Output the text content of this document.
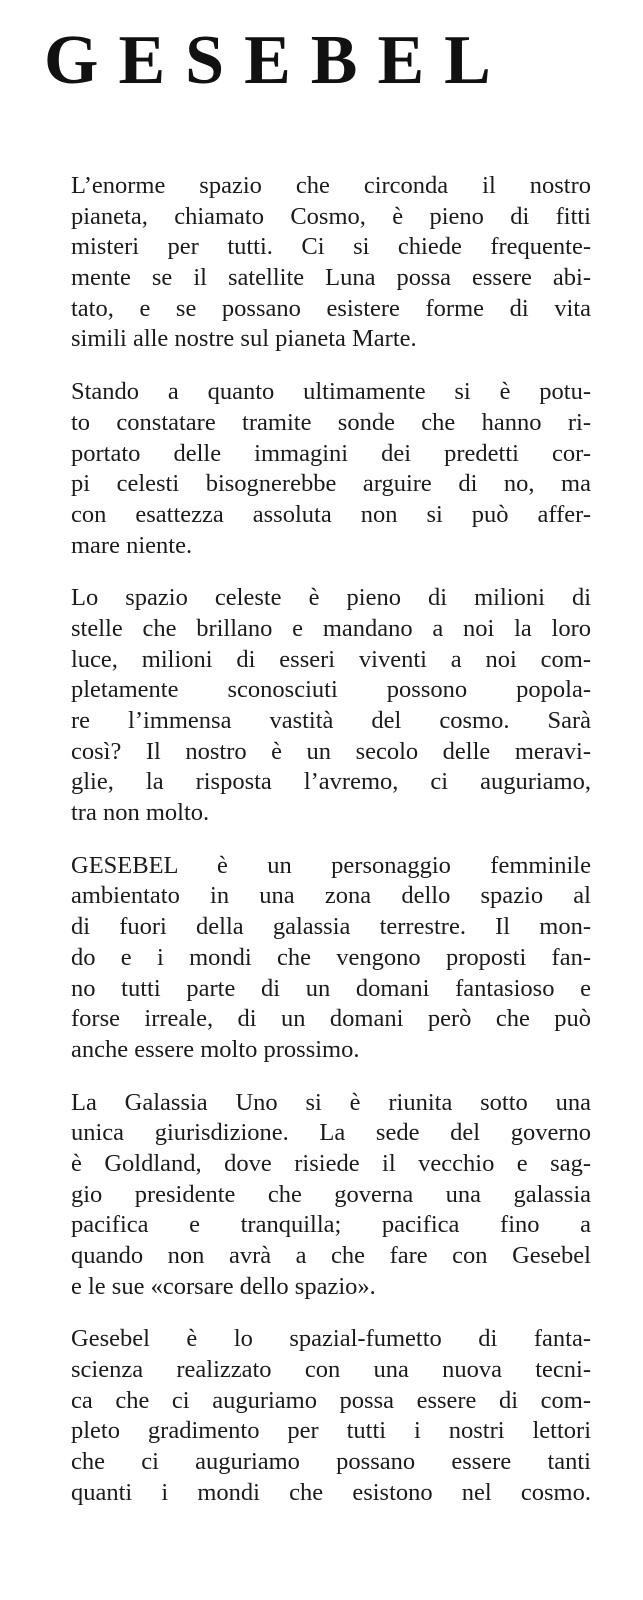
GESEBEL

L’enorme spazio che circonda il nostro
pianeta, chiamato Cosmo, è pieno di fitti
misteri per tutti. Ci si chiede frequente-
mente se il satellite Luna possa essere abi-
tato, e se possano esistere forme di vita
simili alle nostre sul pianeta Marte.

Stando a quanto ultimamente si è potu-
to constatare tramite sonde che hanno ri-
portato delle immagini dei predetti cor-
pi celesti bisognerebbe arguire di no, ma
con esattezza assoluta non si può affer-
mare niente.

Lo spazio celeste è pieno di milioni di
stelle che brillano e mandano a noi la loro
luce, milioni di esseri viventi a noi com-
pletamente sconosciuti possono popola-
re l’immensa vastità del cosmo. Sarà
così? Il nostro è un secolo delle meravi-
glie, la risposta l’avremo, ci auguriamo,
tra non molto.

GESEBEL è un personaggio femminile
ambientato in una zona dello spazio al
di fuori della galassia terrestre. Il mon-
do e i mondi che vengono proposti fan-
no tutti parte di un domani fantasioso e
forse irreale, di un domani però che può
anche essere molto prossimo.

La Galassia Uno si è riunita sotto una
unica giurisdizione. La sede del governo
è Goldland, dove risiede il vecchio e sag-
gio presidente che governa una galassia
pacifica e tranquilla; pacifica fino a
quando non avrà a che fare con Gesebel
e le sue «corsare dello spazio».

Gesebel è lo spazial-fumetto di fanta-
scienza realizzato con una nuova tecni-
ca che ci auguriamo possa essere di com-
pleto gradimento per tutti i nostri lettori
che ci auguriamo possano essere tanti
quanti i mondi che esistono nel cosmo.
